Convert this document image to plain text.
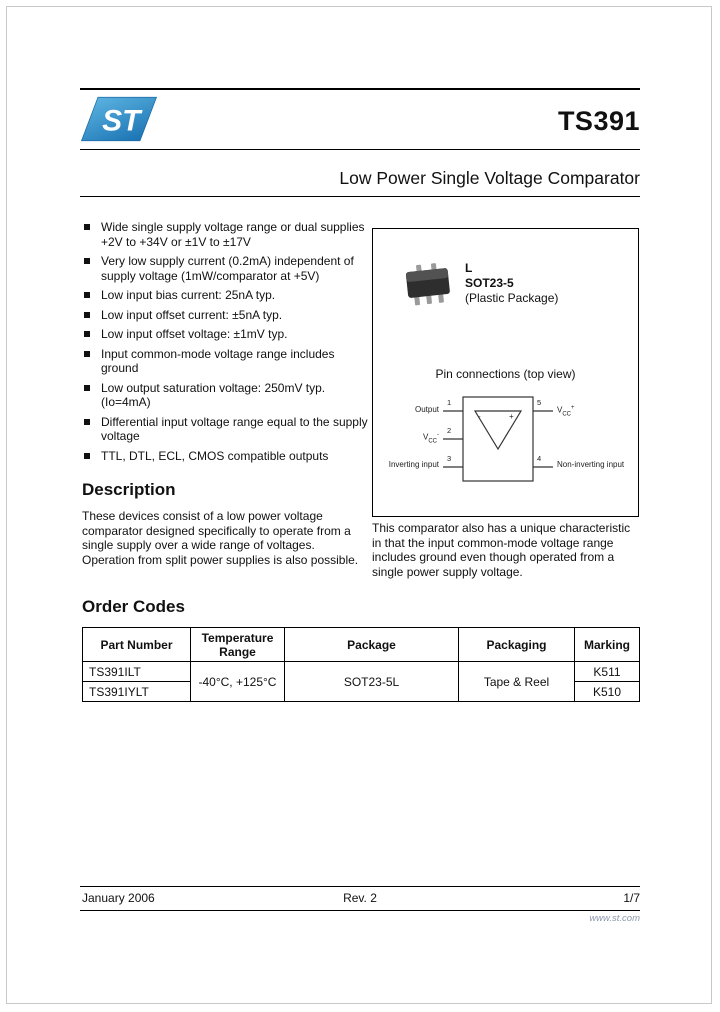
ST	TS391
Low Power Single Voltage Comparator
Wide single supply voltage range or dual supplies +2V to +34V or ±1V to ±17V
Very low supply current (0.2mA) independent of supply voltage (1mW/comparator at +5V)
Low input bias current: 25nA typ.
Low input offset current: ±5nA typ.
Low input offset voltage: ±1mV typ.
Input common-mode voltage range includes ground
Low output saturation voltage: 250mV typ. (Io=4mA)
Differential input voltage range equal to the supply voltage
TTL, DTL, ECL, CMOS compatible outputs
Description

These devices consist of a low power voltage comparator designed specifically to operate from a single supply over a wide range of voltages. Operation from split power supplies is also possible.

L
SOT23-5
(Plastic Package)
Pin connections (top view)
1
2
3
5
4
Output
$V_{CC}^-$
Inverting input
$V_{CC}^+$
Non-inverting input
-	+

This comparator also has a unique characteristic in that the input common-mode voltage range includes ground even though operated from a single power supply voltage.

Order Codes
Part Number	Temperature Range	Package	Packaging	Marking
TS391ILT	-40°C, +125°C	SOT23-5L	Tape & Reel	K511
TS391IYLT				K510
January 2006	Rev. 2	1/7
www.st.com
